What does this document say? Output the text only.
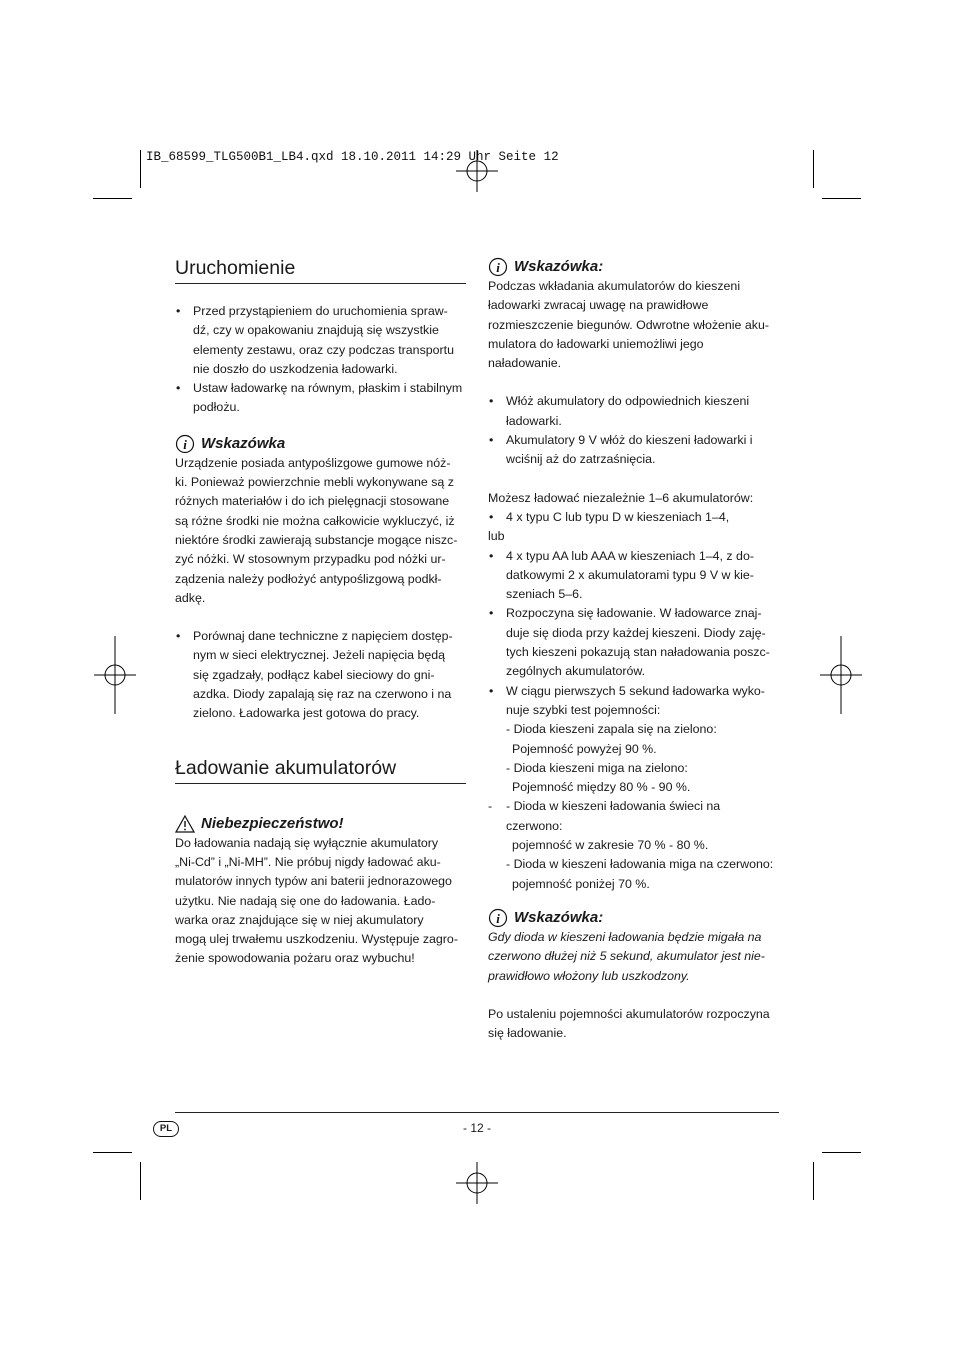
IB_68599_TLG500B1_LB4.qxd 18.10.2011 14:29 Uhr Seite 12
Uruchomienie
• Przed przystąpieniem do uruchomienia spraw-

dź, czy w opakowaniu znajdują się wszystkie

elementy zestawu, oraz czy podczas transportu

nie doszło do uszkodzenia ładowarki.

• Ustaw ładowarkę na równym, płaskim i stabilnym

podłożu.

i Wskazówka

Urządzenie posiada antypoślizgowe gumowe nóż-

ki. Ponieważ powierzchnie mebli wykonywane są z

różnych materiałów i do ich pielęgnacji stosowane

są różne środki nie można całkowicie wykluczyć, iż

niektóre środki zawierają substancje mogące niszc-

zyć nóżki. W stosownym przypadku pod nóżki ur-

ządzenia należy podłożyć antypoślizgową podkł-

adkę.

• Porównaj dane techniczne z napięciem dostęp-

nym w sieci elektrycznej. Jeżeli napięcia będą

się zgadzały, podłącz kabel sieciowy do gni-

azdka. Diody zapalają się raz na czerwono i na

zielono. Ładowarka jest gotowa do pracy.

Ładowanie akumulatorów
Niebezpieczeństwo!

Do ładowania nadają się wyłącznie akumulatory

„Ni-Cd” i „Ni-MH”. Nie próbuj nigdy ładować aku-

mulatorów innych typów ani baterii jednorazowego

użytku. Nie nadają się one do ładowania. Łado-

warka oraz znajdujące się w niej akumulatory

mogą ulej trwałemu uszkodzeniu. Występuje zagro-

żenie spowodowania pożaru oraz wybuchu!

i Wskazówka:

Podczas wkładania akumulatorów do kieszeni

ładowarki zwracaj uwagę na prawidłowe

rozmieszczenie biegunów. Odwrotne włożenie aku-

mulatora do ładowarki uniemożliwi jego

naładowanie.

• Włóż akumulatory do odpowiednich kieszeni

ładowarki.

• Akumulatory 9 V włóż do kieszeni ładowarki i

wciśnij aż do zatrzaśnięcia.

Możesz ładować niezależnie 1–6 akumulatorów:

• 4 x typu C lub typu D w kieszeniach 1–4,

lub

• 4 x typu AA lub AAA w kieszeniach 1–4, z do-

datkowymi 2 x akumulatorami typu 9 V w kie-

szeniach 5–6.

• Rozpoczyna się ładowanie. W ładowarce znaj-

duje się dioda przy każdej kieszeni. Diody zaję-

tych kieszeni pokazują stan naładowania poszc-

zególnych akumulatorów.

• W ciągu pierwszych 5 sekund ładowarka wyko-

nuje szybki test pojemności:

- Dioda kieszeni zapala się na zielono:

Pojemność powyżej 90 %.

- Dioda kieszeni miga na zielono:

Pojemność między 80 % - 90 %.

- - Dioda w kieszeni ładowania świeci na czerwono:

pojemność w zakresie 70 % - 80 %.

- Dioda w kieszeni ładowania miga na czerwono:

pojemność poniżej 70 %.

i Wskazówka:

Gdy dioda w kieszeni ładowania będzie migała na

czerwono dłużej niż 5 sekund, akumulator jest nie-

prawidłowo włożony lub uszkodzony.

Po ustaleniu pojemności akumulatorów rozpoczyna

się ładowanie.

PL	- 12 -
